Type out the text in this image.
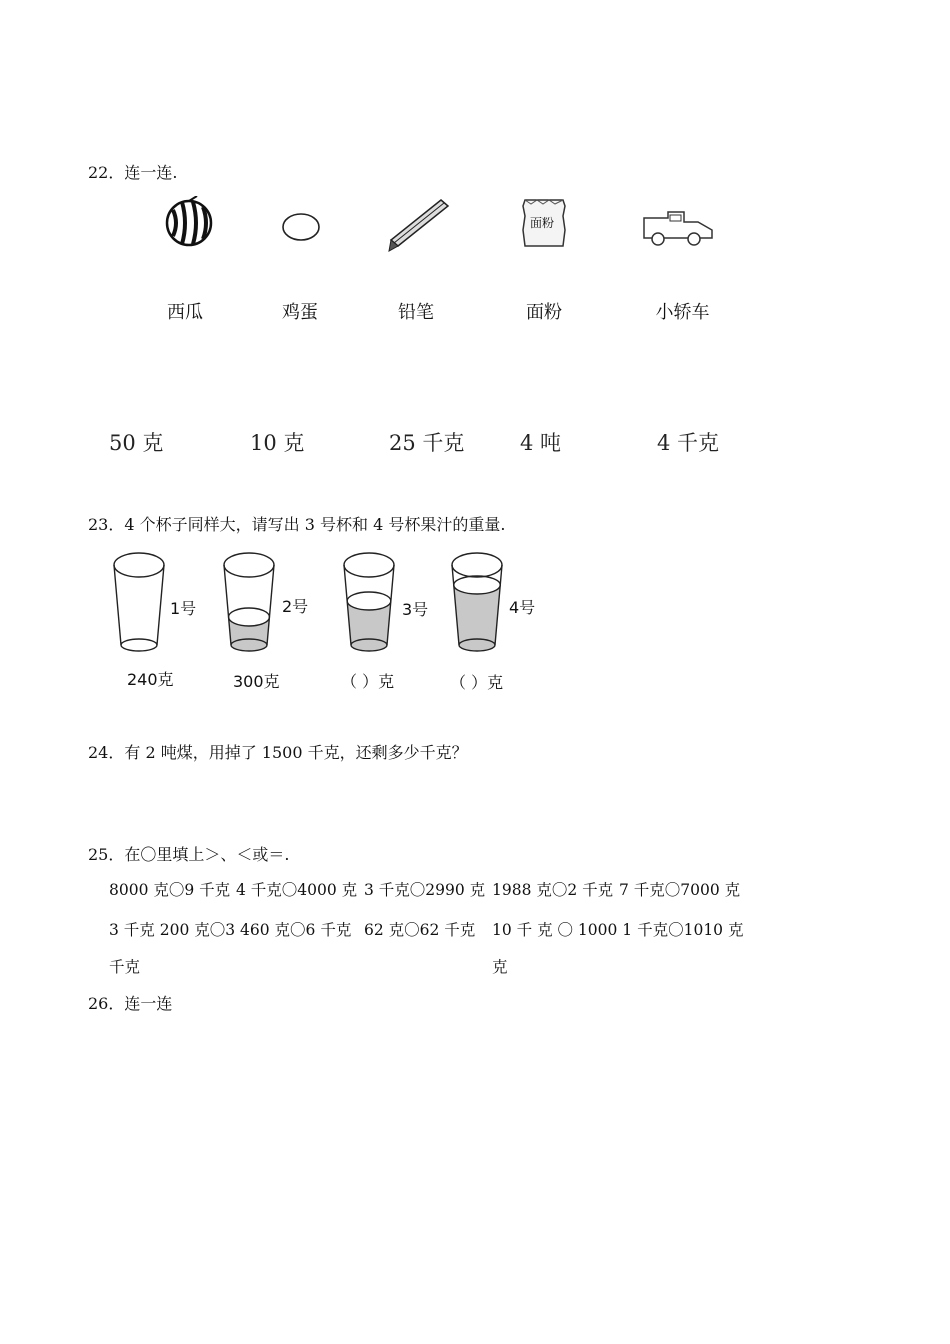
22．连一连.
面粉
西瓜	鸡蛋	铅笔	面粉	小轿车
50 克	10 克	25 千克	4 吨	4 千克
23．4 个杯子同样大，请写出 3 号杯和 4 号杯果汁的重量.
1号	2号	3号	4号
240克	300克	（ ）克	（ ）克
24．有 2 吨煤，用掉了 1500 千克，还剩多少千克？
25．在〇里填上＞、＜或＝.
8000 克〇9 千克 4 千克〇4000 克 3 千克〇2990 克 1988 克〇2 千克 7 千克〇7000 克
3 千克 200 克〇3 460 克〇6 千克 62 克〇62 千克 10 千 克 〇 1000 1 千克〇1010 克
千克	克
26．连一连
